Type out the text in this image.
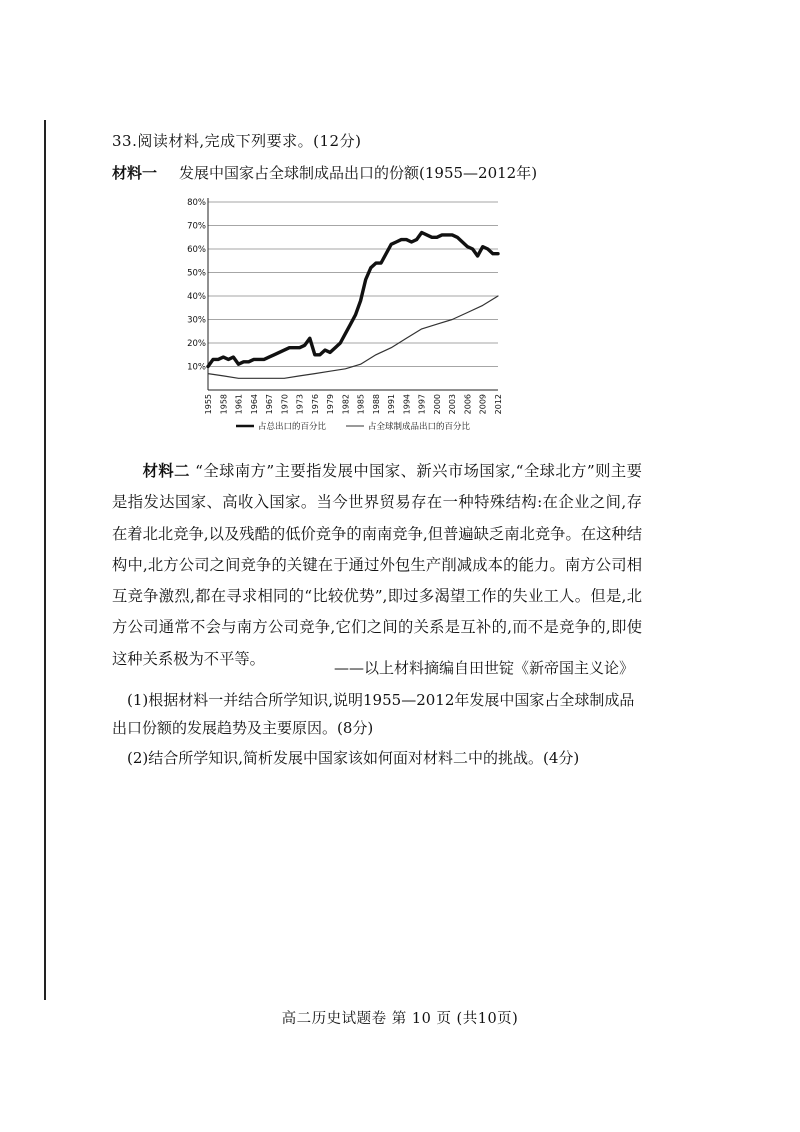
33.阅读材料,完成下列要求。(12分)
材料一 发展中国家占全球制成品出口的份额(1955—2012年)
10%
20%
30%
40%
50%
60%
70%
80%
1955 1958 1961 1964 1967 1970 1973 1976 1979 1982 1985 1988 1991 1994 1997 2000 2003 2006 2009 2012
占总出口的百分比	占全球制成品出口的百分比
材料二 “全球南方”主要指发展中国家、新兴市场国家,“全球北方”则主要是指发达国家、高收入国家。当今世界贸易存在一种特殊结构:在企业之间,存在着北北竞争,以及残酷的低价竞争的南南竞争,但普遍缺乏南北竞争。在这种结构中,北方公司之间竞争的关键在于通过外包生产削减成本的能力。南方公司相互竞争激烈,都在寻求相同的“比较优势”,即过多渴望工作的失业工人。但是,北方公司通常不会与南方公司竞争,它们之间的关系是互补的,而不是竞争的,即使这种关系极为不平等。
——以上材料摘编自田世锭《新帝国主义论》
(1)根据材料一并结合所学知识,说明1955—2012年发展中国家占全球制成品出口份额的发展趋势及主要原因。(8分)
(2)结合所学知识,简析发展中国家该如何面对材料二中的挑战。(4分)
高二历史试题卷 第 10 页 (共10页)
